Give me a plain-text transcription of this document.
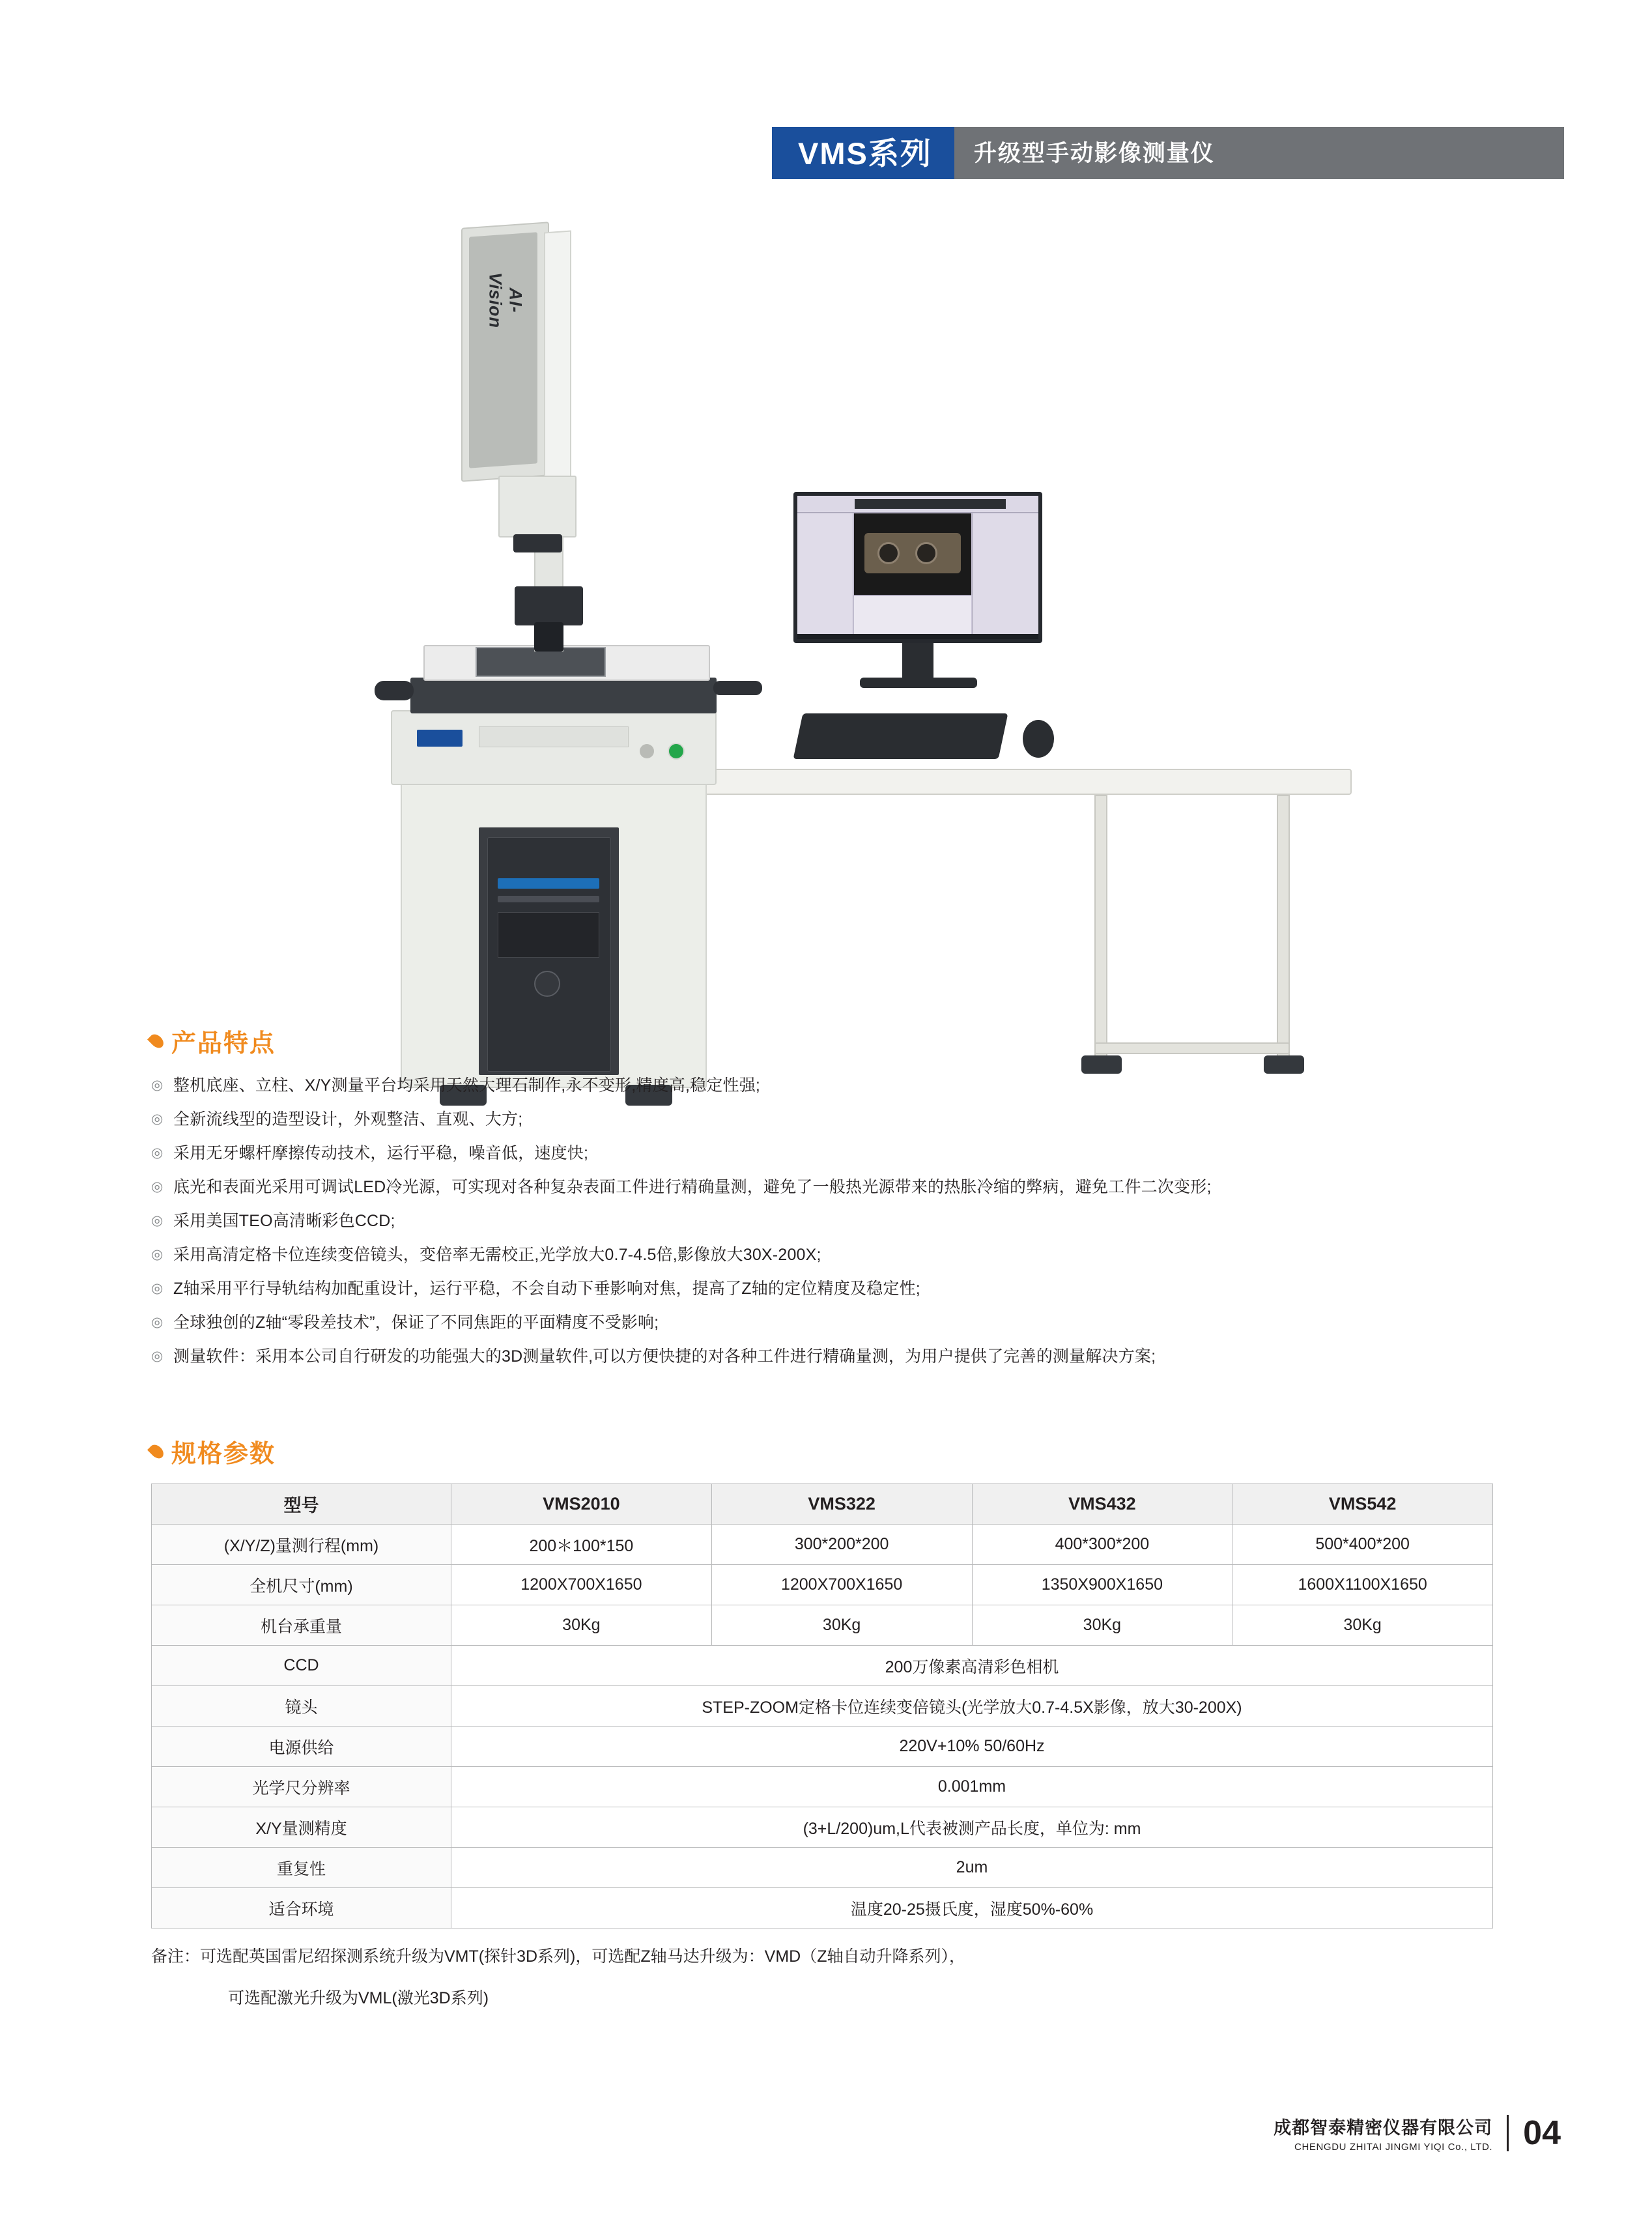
VMS系列	升级型手动影像测量仪
AI-Vision
产品特点
◎ 整机底座、立柱、X/Y测量平台均采用天然大理石制作,永不变形,精度高,稳定性强;
◎ 全新流线型的造型设计，外观整洁、直观、大方;
◎ 采用无牙螺杆摩擦传动技术，运行平稳，噪音低，速度快;
◎ 底光和表面光采用可调试LED冷光源，可实现对各种复杂表面工件进行精确量测，避免了一般热光源带来的热胀冷缩的弊病，避免工件二次变形;
◎ 采用美国TEO高清晰彩色CCD;
◎ 采用高清定格卡位连续变倍镜头，变倍率无需校正,光学放大0.7-4.5倍,影像放大30X-200X;
◎ Z轴采用平行导轨结构加配重设计，运行平稳，不会自动下垂影响对焦，提高了Z轴的定位精度及稳定性;
◎ 全球独创的Z轴“零段差技术”，保证了不同焦距的平面精度不受影响;
◎ 测量软件：采用本公司自行研发的功能强大的3D测量软件,可以方便快捷的对各种工件进行精确量测，为用户提供了完善的测量解决方案;
规格参数
型号	VMS2010	VMS322	VMS432	VMS542
(X/Y/Z)量测行程(mm)	200＊100*150	300*200*200	400*300*200	500*400*200
全机尺寸(mm)	1200X700X1650	1200X700X1650	1350X900X1650	1600X1100X1650
机台承重量	30Kg	30Kg	30Kg	30Kg
CCD	200万像素高清彩色相机			
镜头	STEP-ZOOM定格卡位连续变倍镜头(光学放大0.7-4.5X影像，放大30-200X)			
电源供给	220V+10% 50/60Hz			
光学尺分辨率	0.001mm			
X/Y量测精度	(3+L/200)um,L代表被测产品长度，单位为: mm			
重复性	2um			
适合环境	温度20-25摄氏度，湿度50%-60%			
备注：可选配英国雷尼绍探测系统升级为VMT(探针3D系列)，可选配Z轴马达升级为：VMD（Z轴自动升降系列），
可选配激光升级为VML(激光3D系列)
成都智泰精密仪器有限公司
CHENGDU ZHITAI JINGMI YIQI Co., LTD. 04
